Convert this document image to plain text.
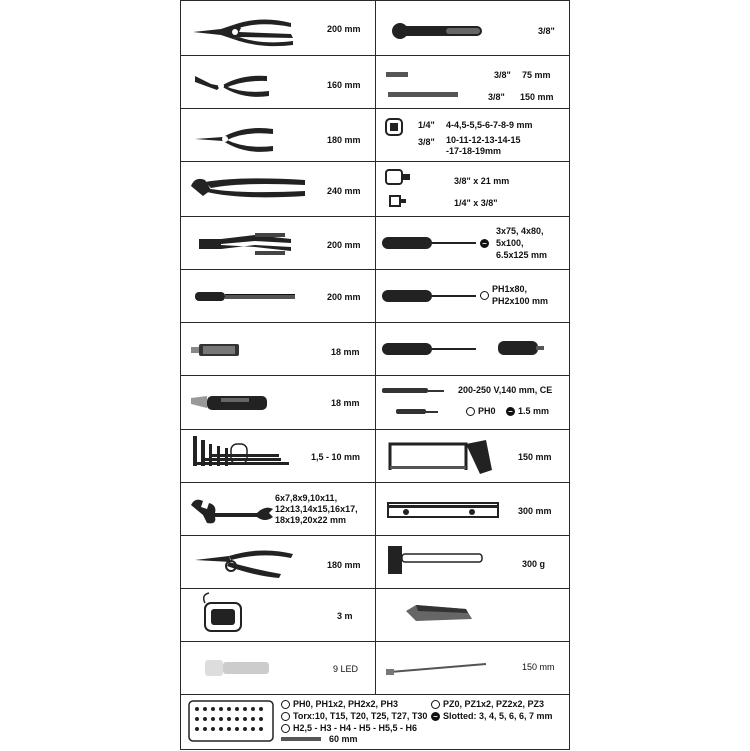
200 mm
160 mm
180 mm
240 mm
200 mm
200 mm
18 mm
18 mm
1,5 - 10 mm
6x7,8x9,10x11,
12x13,14x15,16x17,
18x19,20x22 mm
180 mm
3 m
9 LED
3/8"
3/8" 75 mm
3/8" 150 mm
1/4" 4-4,5-5,5-6-7-8-9 mm
3/8" 10-11-12-13-14-15
-17-18-19mm
3/8" x 21 mm
1/4" x 3/8"
–
3x75, 4x80,
5x100,
6.5x125 mm
PH1x80,
PH2x100 mm
200-250 V,140 mm, CE
PH0 – 1.5 mm
150 mm
300 mm
300 g
150 mm
PH0, PH1x2, PH2x2, PH3	PZ0, PZ1x2, PZ2x2, PZ3
Torx:10, T15, T20, T25, T27, T30 – Slotted: 3, 4, 5, 6, 6, 7 mm
H2,5 - H3 - H4 - H5 - H5,5 - H6
60 mm
